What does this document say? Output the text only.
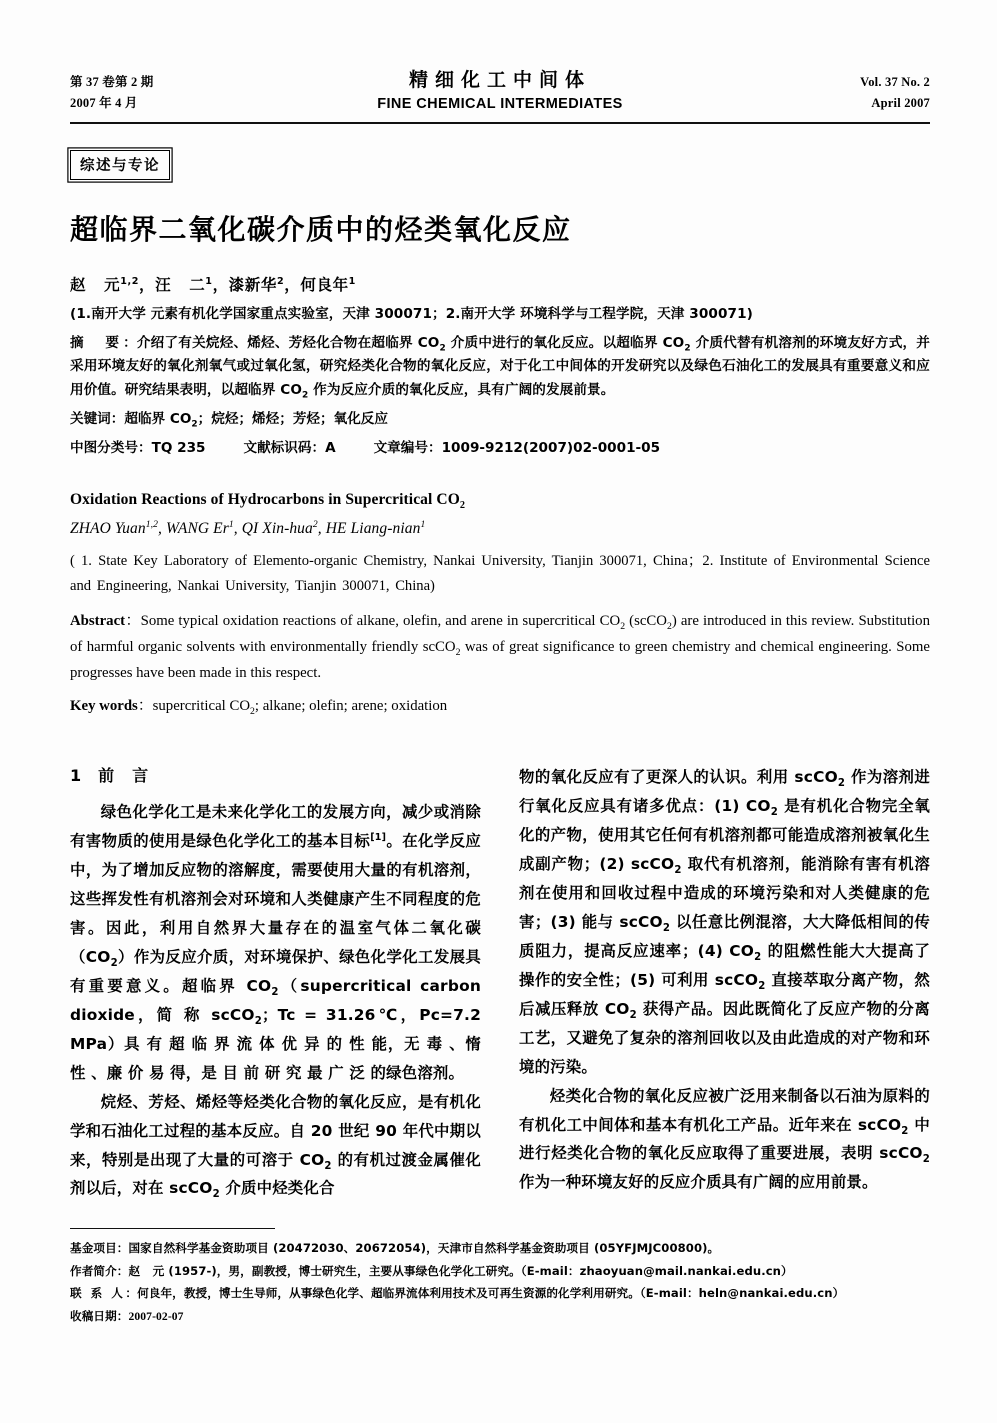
第 37 卷第 2 期
2007 年 4 月
精细化工中间体
FINE CHEMICAL INTERMEDIATES
Vol. 37 No. 2
April 2007
综述与专论
超临界二氧化碳介质中的烃类氧化反应
赵   元$^{1,2}$，汪   二$^1$，漆新华$^2$，何良年$^1$
(1.南开大学 元素有机化学国家重点实验室，天津 300071；2.南开大学 环境科学与工程学院，天津 300071)
摘　要：介绍了有关烷烃、烯烃、芳烃化合物在超临界 $CO_2$ 介质中进行的氧化反应。以超临界 $CO_2$ 介质代替有机溶剂的环境友好方式，并采用环境友好的氧化剂氧气或过氧化氢，研究烃类化合物的氧化反应，对于化工中间体的开发研究以及绿色石油化工的发展具有重要意义和应用价值。研究结果表明，以超临界 $CO_2$ 作为反应介质的氧化反应，具有广阔的发展前景。
关键词：超临界 $CO_2$；烷烃；烯烃；芳烃；氧化反应
中图分类号：TQ 235	文献标识码：A	文章编号：1009-9212(2007)02-0001-05
Oxidation Reactions of Hydrocarbons in Supercritical $CO_2$
ZHAO Yuan$^{1,2}$, WANG Er$^1$, QI Xin-hua$^2$, HE Liang-nian$^1$
( 1. State Key Laboratory of Elemento-organic Chemistry, Nankai University, Tianjin 300071, China；2. Institute of Environmental Science and Engineering, Nankai University, Tianjin 300071, China)
Abstract：Some typical oxidation reactions of alkane, olefin, and arene in supercritical $CO_2$ (scCO$_2$) are introduced in this review. Substitution of harmful organic solvents with environmentally friendly scCO$_2$ was of great significance to green chemistry and chemical engineering. Some progresses have been made in this respect.
Key words：supercritical $CO_2$; alkane; olefin; arene; oxidation
1 前　言

绿色化学化工是未来化学化工的发展方向，减少或消除有害物质的使用是绿色化学化工的基本目标[1]。在化学反应中，为了增加反应物的溶解度，需要使用大量的有机溶剂，这些挥发性有机溶剂会对环境和人类健康产生不同程度的危害。因此，利用自然界大量存在的温室气体二氧化碳$(CO_2)$作为反应介质，对环境保护、绿色化学化工发展具有重要意义。超临界 $CO_2(supercritical$ carbon dioxide，简 称 scCO$_2$；Tc = 31.26℃，Pc=7.2 MPa）具 有 超 临 界 流 体 优 异 的 性 能，无 毒 、惰 性 、廉 价 易 得，是 目 前 研 究 最 广 泛 的绿色溶剂。

烷烃、芳烃、烯烃等烃类化合物的氧化反应，是有机化学和石油化工过程的基本反应。自 20 世纪 90 年代中期以来，特别是出现了大量的可溶于 $CO_2$ 的有机过渡金属催化剂以后，对在 scCO$_2$ 介质中烃类化合

物的氧化反应有了更深人的认识。利用 scCO$_2$ 作为溶剂进行氧化反应具有诸多优点：(1) $CO_2$ 是有机化合物完全氧化的产物，使用其它任何有机溶剂都可能造成溶剂被氧化生成副产物；(2) scCO$_2$ 取代有机溶剂，能消除有害有机溶剂在使用和回收过程中造成的环境污染和对人类健康的危害；(3) 能与 scCO$_2$ 以任意比例混溶，大大降低相间的传质阻力，提高反应速率；(4) $CO_2$ 的阻燃性能大大提高了操作的安全性；(5) 可利用 scCO$_2$ 直接萃取分离产物，然后减压释放 $CO_2$ 获得产品。因此既简化了反应产物的分离工艺，又避免了复杂的溶剂回收以及由此造成的对产物和环境的污染。

烃类化合物的氧化反应被广泛用来制备以石油为原料的有机化工中间体和基本有机化工产品。近年来在 scCO$_2$ 中进行烃类化合物的氧化反应取得了重要进展，表明 scCO$_2$ 作为一种环境友好的反应介质具有广阔的应用前景。

基金项目：国家自然科学基金资助项目 (20472030、20672054)，天津市自然科学基金资助项目 (05YFJMJC00800)。
作者简介：赵   元 (1957-)，男，副教授，博士研究生，主要从事绿色化学化工研究。（E-mail：zhaoyuan@mail.nankai.edu.cn）
联 系 人：何良年，教授，博士生导师，从事绿色化学、超临界流体利用技术及可再生资源的化学利用研究。（E-mail：heln@nankai.edu.cn）
收稿日期：2007-02-07
